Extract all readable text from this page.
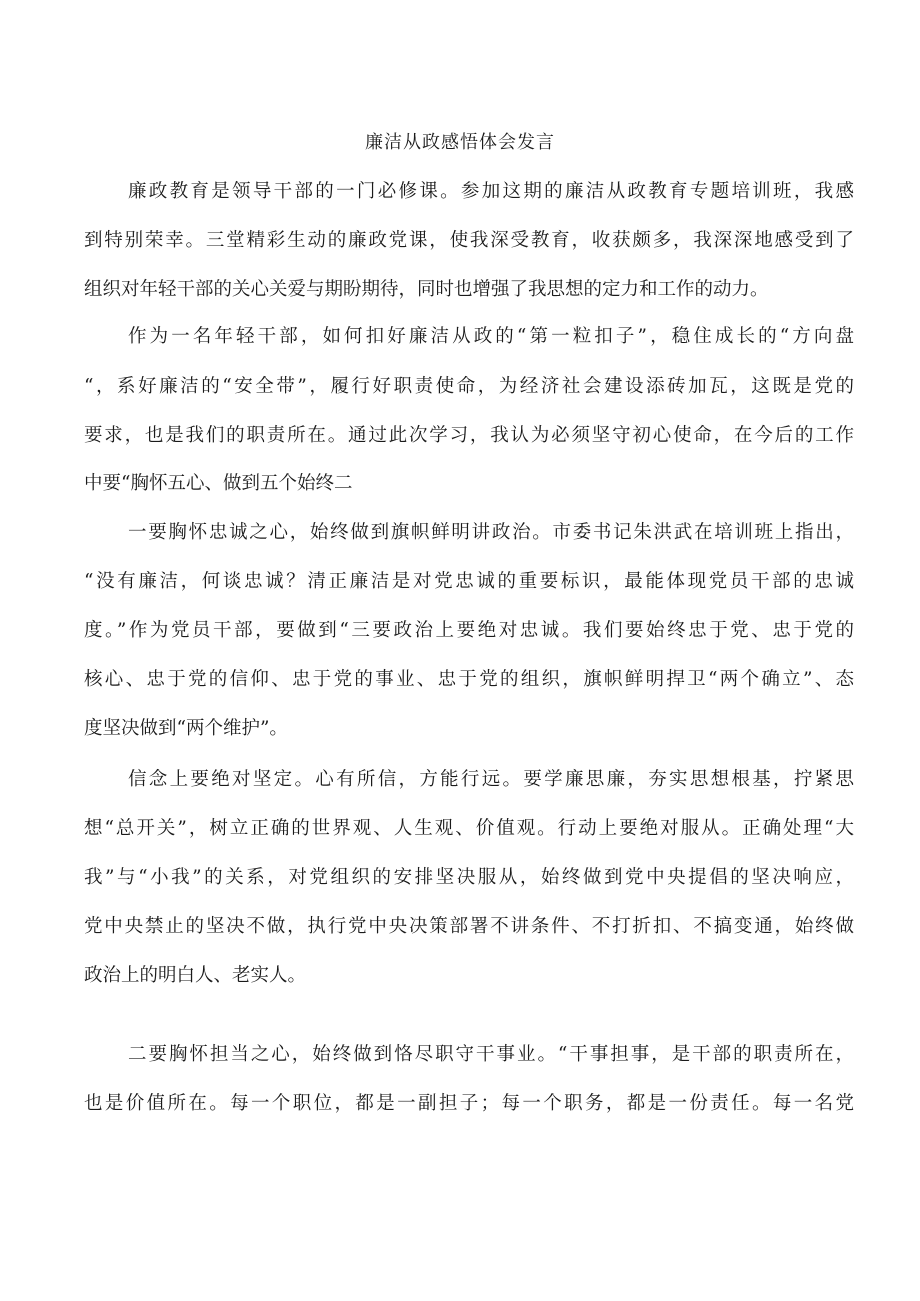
廉洁从政感悟体会发言
廉政教育是领导干部的一门必修课。参加这期的廉洁从政教育专题培训班，我感
到特别荣幸。三堂精彩生动的廉政党课，使我深受教育，收获颇多，我深深地感受到了
组织对年轻干部的关心关爱与期盼期待，同时也增强了我思想的定力和工作的动力。
作为一名年轻干部，如何扣好廉洁从政的“第一粒扣子”，稳住成长的“方向盘
“，系好廉洁的“安全带”，履行好职责使命，为经济社会建设添砖加瓦，这既是党的
要求，也是我们的职责所在。通过此次学习，我认为必须坚守初心使命，在今后的工作
中要“胸怀五心、做到五个始终二
一要胸怀忠诚之心，始终做到旗帜鲜明讲政治。市委书记朱洪武在培训班上指出，
“没有廉洁，何谈忠诚？清正廉洁是对党忠诚的重要标识，最能体现党员干部的忠诚
度。”作为党员干部，要做到“三要政治上要绝对忠诚。我们要始终忠于党、忠于党的
核心、忠于党的信仰、忠于党的事业、忠于党的组织，旗帜鲜明捍卫“两个确立”、态
度坚决做到“两个维护”。
信念上要绝对坚定。心有所信，方能行远。要学廉思廉，夯实思想根基，拧紧思
想“总开关”，树立正确的世界观、人生观、价值观。行动上要绝对服从。正确处理“大
我”与“小我”的关系，对党组织的安排坚决服从，始终做到党中央提倡的坚决响应，
党中央禁止的坚决不做，执行党中央决策部署不讲条件、不打折扣、不搞变通，始终做
政治上的明白人、老实人。
二要胸怀担当之心，始终做到恪尽职守干事业。“干事担事，是干部的职责所在，
也是价值所在。每一个职位，都是一副担子；每一个职务，都是一份责任。每一名党
